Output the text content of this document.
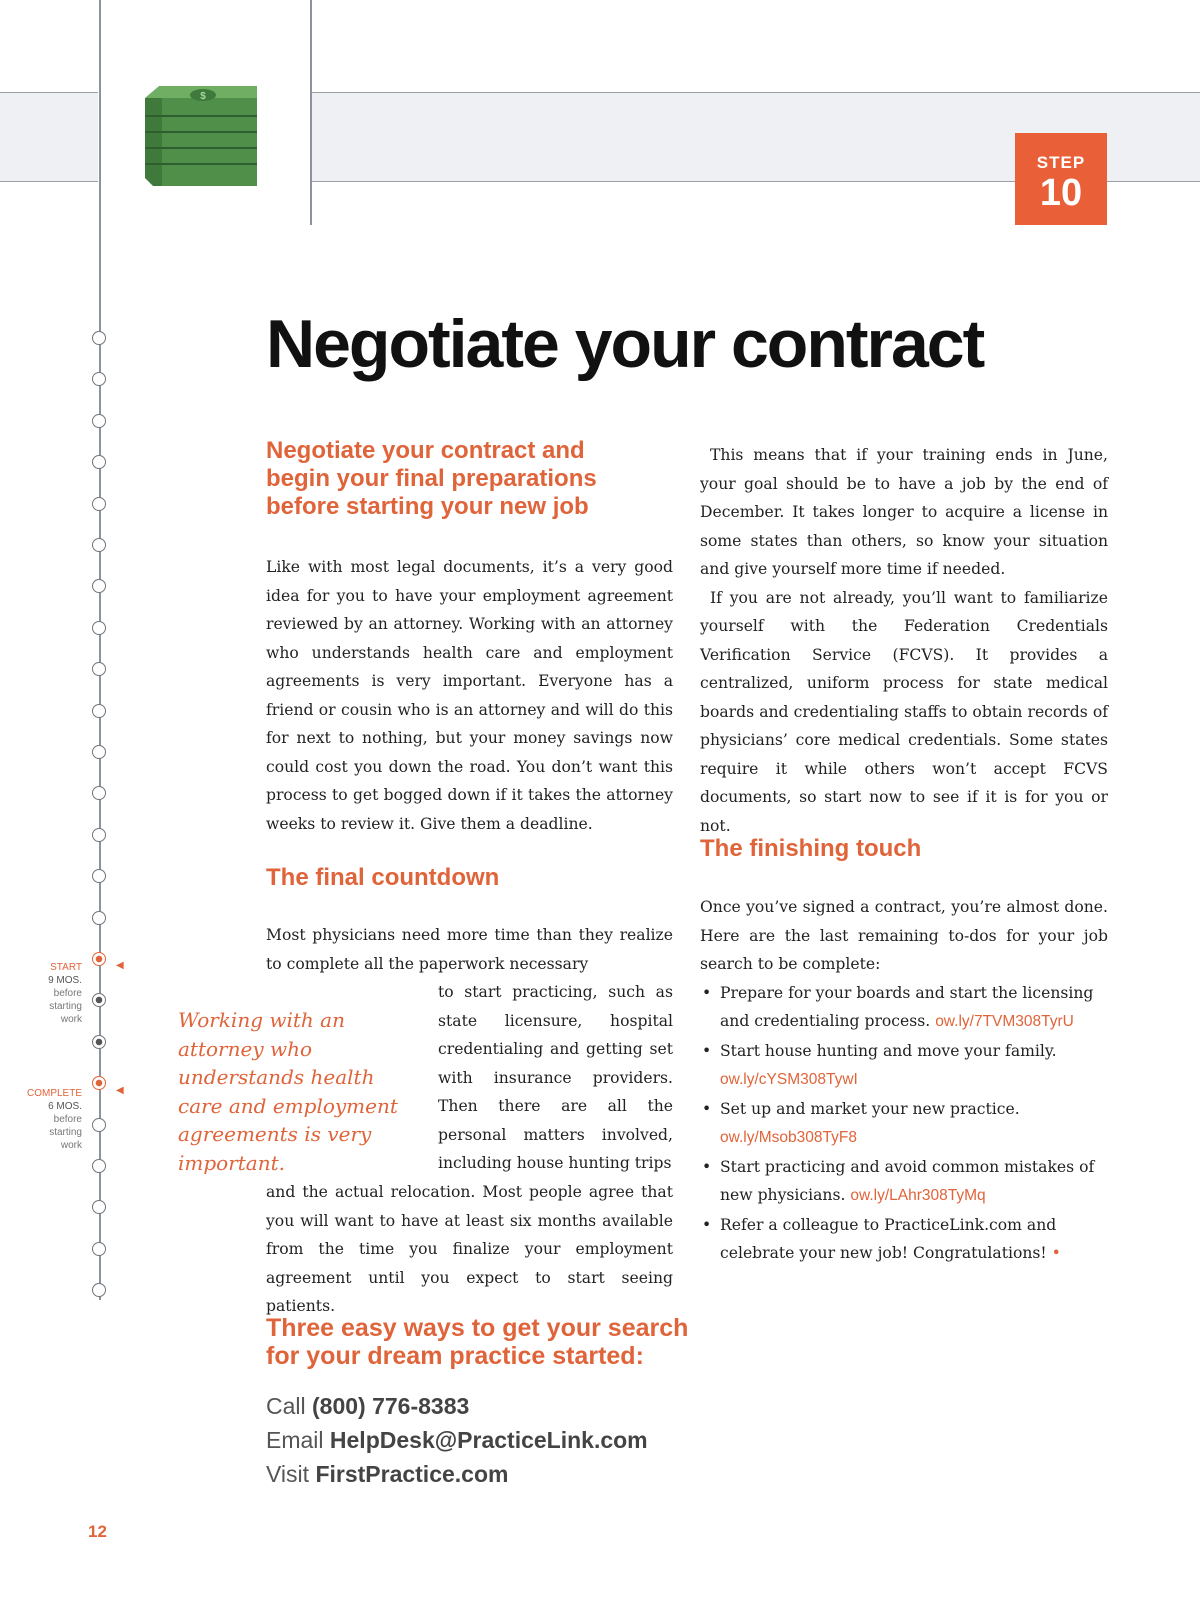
$
STEP
10
Negotiate your contract
Negotiate your contract and begin your final preparations before starting your new job

Like with most legal documents, it’s a very good idea for you to have your employment agreement reviewed by an attorney. Working with an attorney who understands health care and employment agreements is very important. Everyone has a friend or cousin who is an attorney and will do this for next to nothing, but your money savings now could cost you down the road. You don’t want this process to get bogged down if it takes the attorney weeks to review it. Give them a deadline.

The final countdown

Most physicians need more time than they realize to complete all the paperwork necessary

to start practicing, such as state licensure, hospital credentialing and getting set with insurance providers. Then there are all the personal matters involved, including house hunting trips

and the actual relocation. Most people agree that you will want to have at least six months available from the time you finalize your employment agreement until you expect to start seeing patients.

Working with an attorney who understands health care and employment agreements is very important.

This means that if your training ends in June, your goal should be to have a job by the end of December. It takes longer to acquire a license in some states than others, so know your situation and give yourself more time if needed.

If you are not already, you’ll want to familiarize yourself with the Federation Credentials Verification Service (FCVS). It provides a centralized, uniform process for state medical boards and credentialing staffs to obtain records of physicians’ core medical credentials. Some states require it while others won’t accept FCVS documents, so start now to see if it is for you or not.

The finishing touch

Once you’ve signed a contract, you’re almost done. Here are the last remaining to-dos for your job search to be complete:

• Prepare for your boards and start the licensing and credentialing process. ow.ly/7TVM308TyrU
• Start house hunting and move your family.
ow.ly/cYSM308TywI
• Set up and market your new practice.
ow.ly/Msob308TyF8
• Start practicing and avoid common mistakes of new physicians. ow.ly/LAhr308TyMq
• Refer a colleague to PracticeLink.com and celebrate your new job! Congratulations! •
Three easy ways to get your search for your dream practice started:
Call (800) 776-8383
Email HelpDesk@PracticeLink.com
Visit FirstPractice.com
START
9 MOS.
before
starting
work
COMPLETE
6 MOS.
before
starting
work
◀
◀
12
